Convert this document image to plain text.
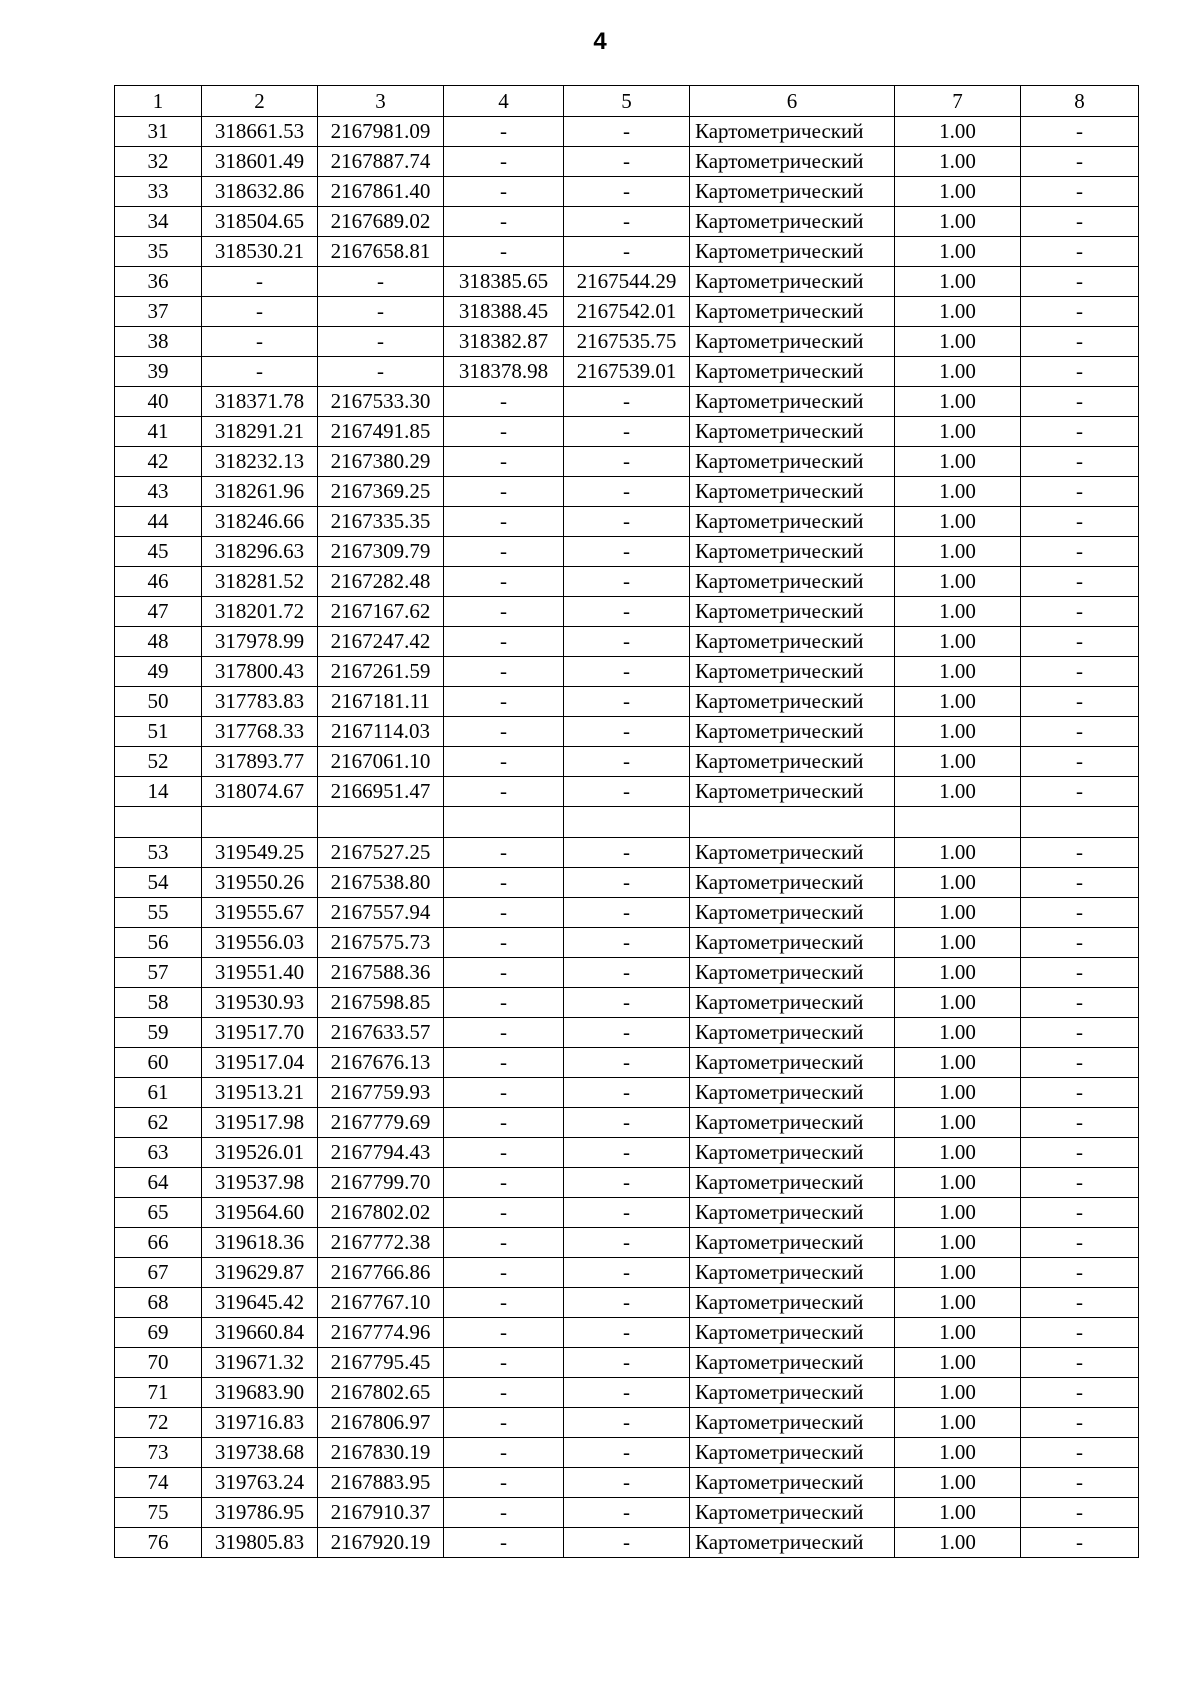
4
1	2	3	4	5	6	7	8
31	318661.53	2167981.09	-	-	Картометрический	1.00	-
32	318601.49	2167887.74	-	-	Картометрический	1.00	-
33	318632.86	2167861.40	-	-	Картометрический	1.00	-
34	318504.65	2167689.02	-	-	Картометрический	1.00	-
35	318530.21	2167658.81	-	-	Картометрический	1.00	-
36	-	-	318385.65	2167544.29	Картометрический	1.00	-
37	-	-	318388.45	2167542.01	Картометрический	1.00	-
38	-	-	318382.87	2167535.75	Картометрический	1.00	-
39	-	-	318378.98	2167539.01	Картометрический	1.00	-
40	318371.78	2167533.30	-	-	Картометрический	1.00	-
41	318291.21	2167491.85	-	-	Картометрический	1.00	-
42	318232.13	2167380.29	-	-	Картометрический	1.00	-
43	318261.96	2167369.25	-	-	Картометрический	1.00	-
44	318246.66	2167335.35	-	-	Картометрический	1.00	-
45	318296.63	2167309.79	-	-	Картометрический	1.00	-
46	318281.52	2167282.48	-	-	Картометрический	1.00	-
47	318201.72	2167167.62	-	-	Картометрический	1.00	-
48	317978.99	2167247.42	-	-	Картометрический	1.00	-
49	317800.43	2167261.59	-	-	Картометрический	1.00	-
50	317783.83	2167181.11	-	-	Картометрический	1.00	-
51	317768.33	2167114.03	-	-	Картометрический	1.00	-
52	317893.77	2167061.10	-	-	Картометрический	1.00	-
14	318074.67	2166951.47	-	-	Картометрический	1.00	-

53	319549.25	2167527.25	-	-	Картометрический	1.00	-
54	319550.26	2167538.80	-	-	Картометрический	1.00	-
55	319555.67	2167557.94	-	-	Картометрический	1.00	-
56	319556.03	2167575.73	-	-	Картометрический	1.00	-
57	319551.40	2167588.36	-	-	Картометрический	1.00	-
58	319530.93	2167598.85	-	-	Картометрический	1.00	-
59	319517.70	2167633.57	-	-	Картометрический	1.00	-
60	319517.04	2167676.13	-	-	Картометрический	1.00	-
61	319513.21	2167759.93	-	-	Картометрический	1.00	-
62	319517.98	2167779.69	-	-	Картометрический	1.00	-
63	319526.01	2167794.43	-	-	Картометрический	1.00	-
64	319537.98	2167799.70	-	-	Картометрический	1.00	-
65	319564.60	2167802.02	-	-	Картометрический	1.00	-
66	319618.36	2167772.38	-	-	Картометрический	1.00	-
67	319629.87	2167766.86	-	-	Картометрический	1.00	-
68	319645.42	2167767.10	-	-	Картометрический	1.00	-
69	319660.84	2167774.96	-	-	Картометрический	1.00	-
70	319671.32	2167795.45	-	-	Картометрический	1.00	-
71	319683.90	2167802.65	-	-	Картометрический	1.00	-
72	319716.83	2167806.97	-	-	Картометрический	1.00	-
73	319738.68	2167830.19	-	-	Картометрический	1.00	-
74	319763.24	2167883.95	-	-	Картометрический	1.00	-
75	319786.95	2167910.37	-	-	Картометрический	1.00	-
76	319805.83	2167920.19	-	-	Картометрический	1.00	-
